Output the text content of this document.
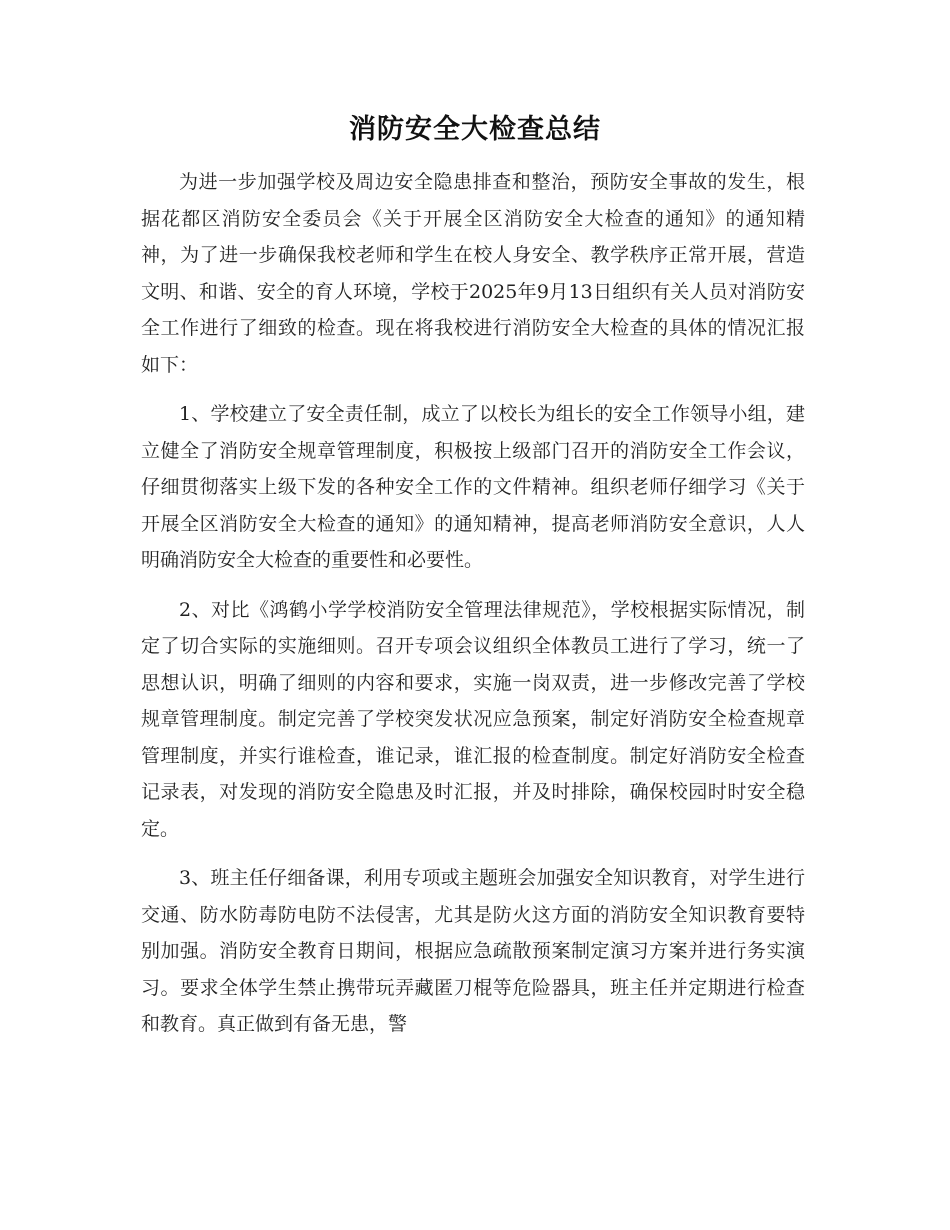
消防安全大检查总结

为进一步加强学校及周边安全隐患排查和整治，预防安全事故的发生，根据花都区消防安全委员会《关于开展全区消防安全大检查的通知》的通知精神，为了进一步确保我校老师和学生在校人身安全、教学秩序正常开展，营造文明、和谐、安全的育人环境，学校于2025年9月13日组织有关人员对消防安全工作进行了细致的检查。现在将我校进行消防安全大检查的具体的情况汇报如下：

1、学校建立了安全责任制，成立了以校长为组长的安全工作领导小组，建立健全了消防安全规章管理制度，积极按上级部门召开的消防安全工作会议，仔细贯彻落实上级下发的各种安全工作的文件精神。组织老师仔细学习《关于开展全区消防安全大检查的通知》的通知精神，提高老师消防安全意识，人人明确消防安全大检查的重要性和必要性。

2、对比《鸿鹤小学学校消防安全管理法律规范》，学校根据实际情况，制定了切合实际的实施细则。召开专项会议组织全体教员工进行了学习，统一了思想认识，明确了细则的内容和要求，实施一岗双责，进一步修改完善了学校规章管理制度。制定完善了学校突发状况应急预案，制定好消防安全检查规章管理制度，并实行谁检查，谁记录，谁汇报的检查制度。制定好消防安全检查记录表，对发现的消防安全隐患及时汇报，并及时排除，确保校园时时安全稳定。

3、班主任仔细备课，利用专项或主题班会加强安全知识教育，对学生进行交通、防水防毒防电防不法侵害，尤其是防火这方面的消防安全知识教育要特别加强。消防安全教育日期间，根据应急疏散预案制定演习方案并进行务实演习。要求全体学生禁止携带玩弄藏匿刀棍等危险器具，班主任并定期进行检查和教育。真正做到有备无患，警
